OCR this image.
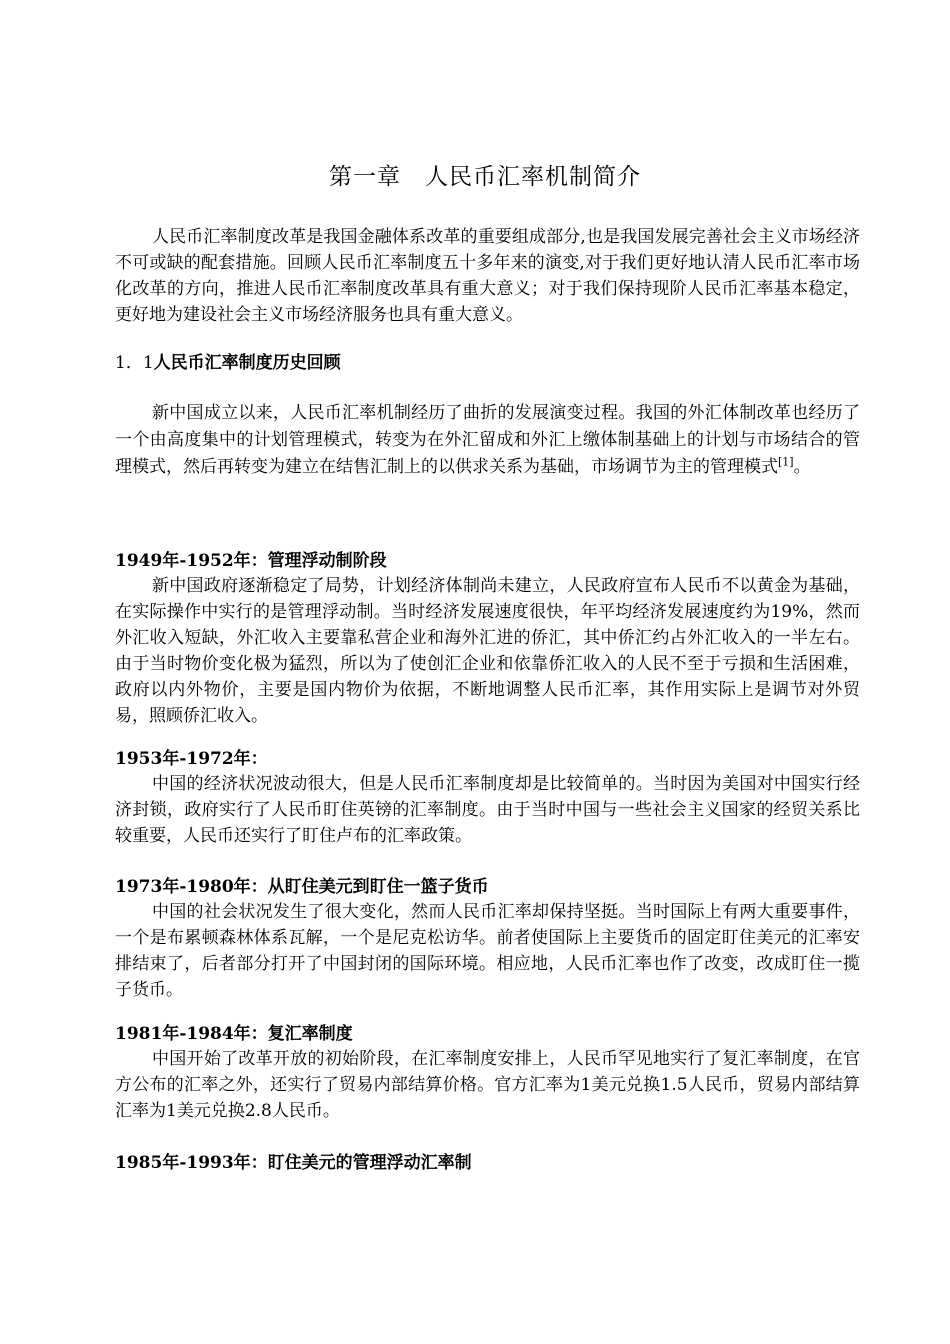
第一章　人民币汇率机制简介

人民币汇率制度改革是我国金融体系改革的重要组成部分,也是我国发展完善社会主义市场经济不可或缺的配套措施。回顾人民币汇率制度五十多年来的演变,对于我们更好地认清人民币汇率市场化改革的方向，推进人民币汇率制度改革具有重大意义；对于我们保持现阶人民币汇率基本稳定，更好地为建设社会主义市场经济服务也具有重大意义。

1．1人民币汇率制度历史回顾

新中国成立以来，人民币汇率机制经历了曲折的发展演变过程。我国的外汇体制改革也经历了一个由高度集中的计划管理模式，转变为在外汇留成和外汇上缴体制基础上的计划与市场结合的管理模式，然后再转变为建立在结售汇制上的以供求关系为基础，市场调节为主的管理模式[1]。

1949年-1952年：管理浮动制阶段

新中国政府逐渐稳定了局势，计划经济体制尚未建立，人民政府宣布人民币不以黄金为基础，在实际操作中实行的是管理浮动制。当时经济发展速度很快，年平均经济发展速度约为19%，然而外汇收入短缺，外汇收入主要靠私营企业和海外汇进的侨汇，其中侨汇约占外汇收入的一半左右。由于当时物价变化极为猛烈，所以为了使创汇企业和依靠侨汇收入的人民不至于亏损和生活困难，政府以内外物价，主要是国内物价为依据，不断地调整人民币汇率，其作用实际上是调节对外贸易，照顾侨汇收入。

1953年-1972年：

中国的经济状况波动很大，但是人民币汇率制度却是比较简单的。当时因为美国对中国实行经济封锁，政府实行了人民币盯住英镑的汇率制度。由于当时中国与一些社会主义国家的经贸关系比较重要，人民币还实行了盯住卢布的汇率政策。

1973年-1980年：从盯住美元到盯住一篮子货币

中国的社会状况发生了很大变化，然而人民币汇率却保持坚挺。当时国际上有两大重要事件，一个是布累顿森林体系瓦解，一个是尼克松访华。前者使国际上主要货币的固定盯住美元的汇率安排结束了，后者部分打开了中国封闭的国际环境。相应地，人民币汇率也作了改变，改成盯住一揽子货币。

1981年-1984年：复汇率制度

中国开始了改革开放的初始阶段，在汇率制度安排上，人民币罕见地实行了复汇率制度，在官方公布的汇率之外，还实行了贸易内部结算价格。官方汇率为1美元兑换1.5人民币，贸易内部结算汇率为1美元兑换2.8人民币。

1985年-1993年：盯住美元的管理浮动汇率制
